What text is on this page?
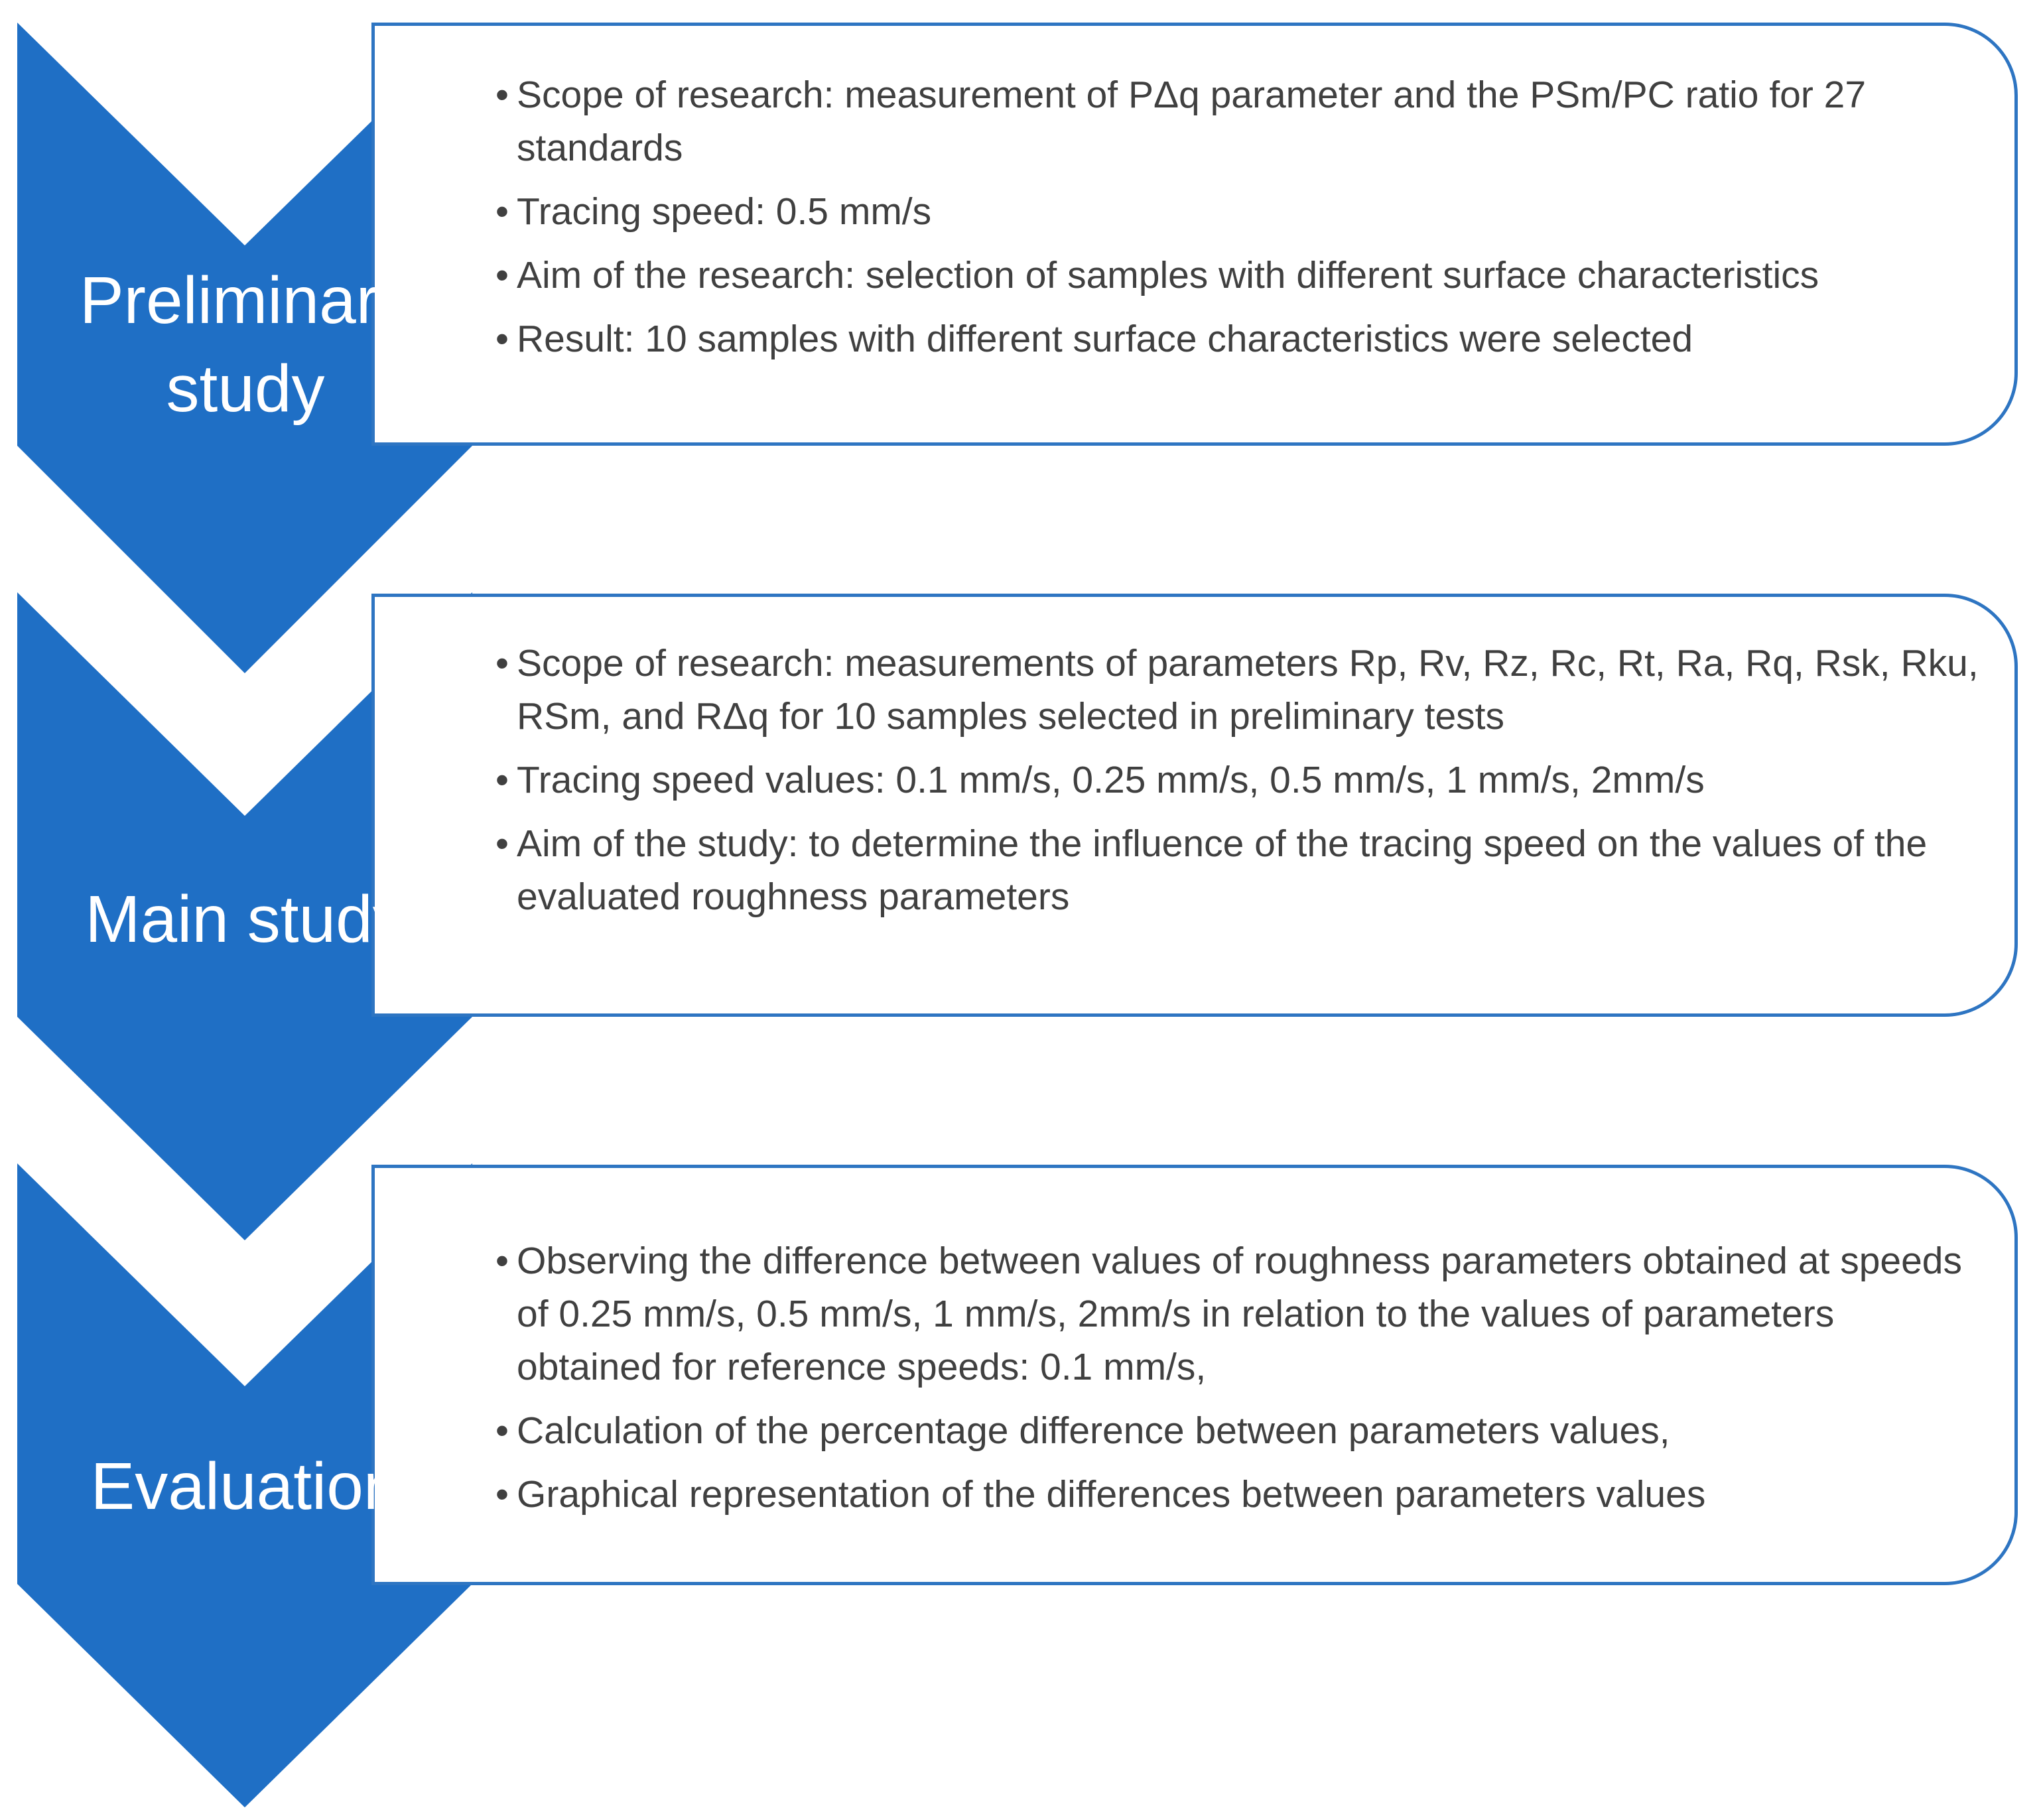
• Scope of research: measurement of PΔq parameter and the PSm/PC ratio for 27 standards
• Tracing speed: 0.5 mm/s
• Aim of the research: selection of samples with different surface characteristics
• Result: 10 samples with different surface characteristics were selected
• Scope of research: measurements of parameters Rp, Rv, Rz, Rc, Rt, Ra, Rq, Rsk, Rku, RSm, and RΔq for 10 samples selected in preliminary tests
• Tracing speed values: 0.1 mm/s, 0.25 mm/s, 0.5 mm/s, 1 mm/s, 2mm/s
• Aim of the study: to determine the influence of the tracing speed on the values of the evaluated roughness parameters
• Observing the difference between values of roughness parameters obtained at speeds of 0.25 mm/s, 0.5 mm/s, 1 mm/s, 2mm/s in relation to the values of parameters obtained for reference speeds: 0.1 mm/s,
• Calculation of the percentage difference between parameters values,
• Graphical representation of the differences between parameters values
Preliminary
study
Main study
Evaluation
